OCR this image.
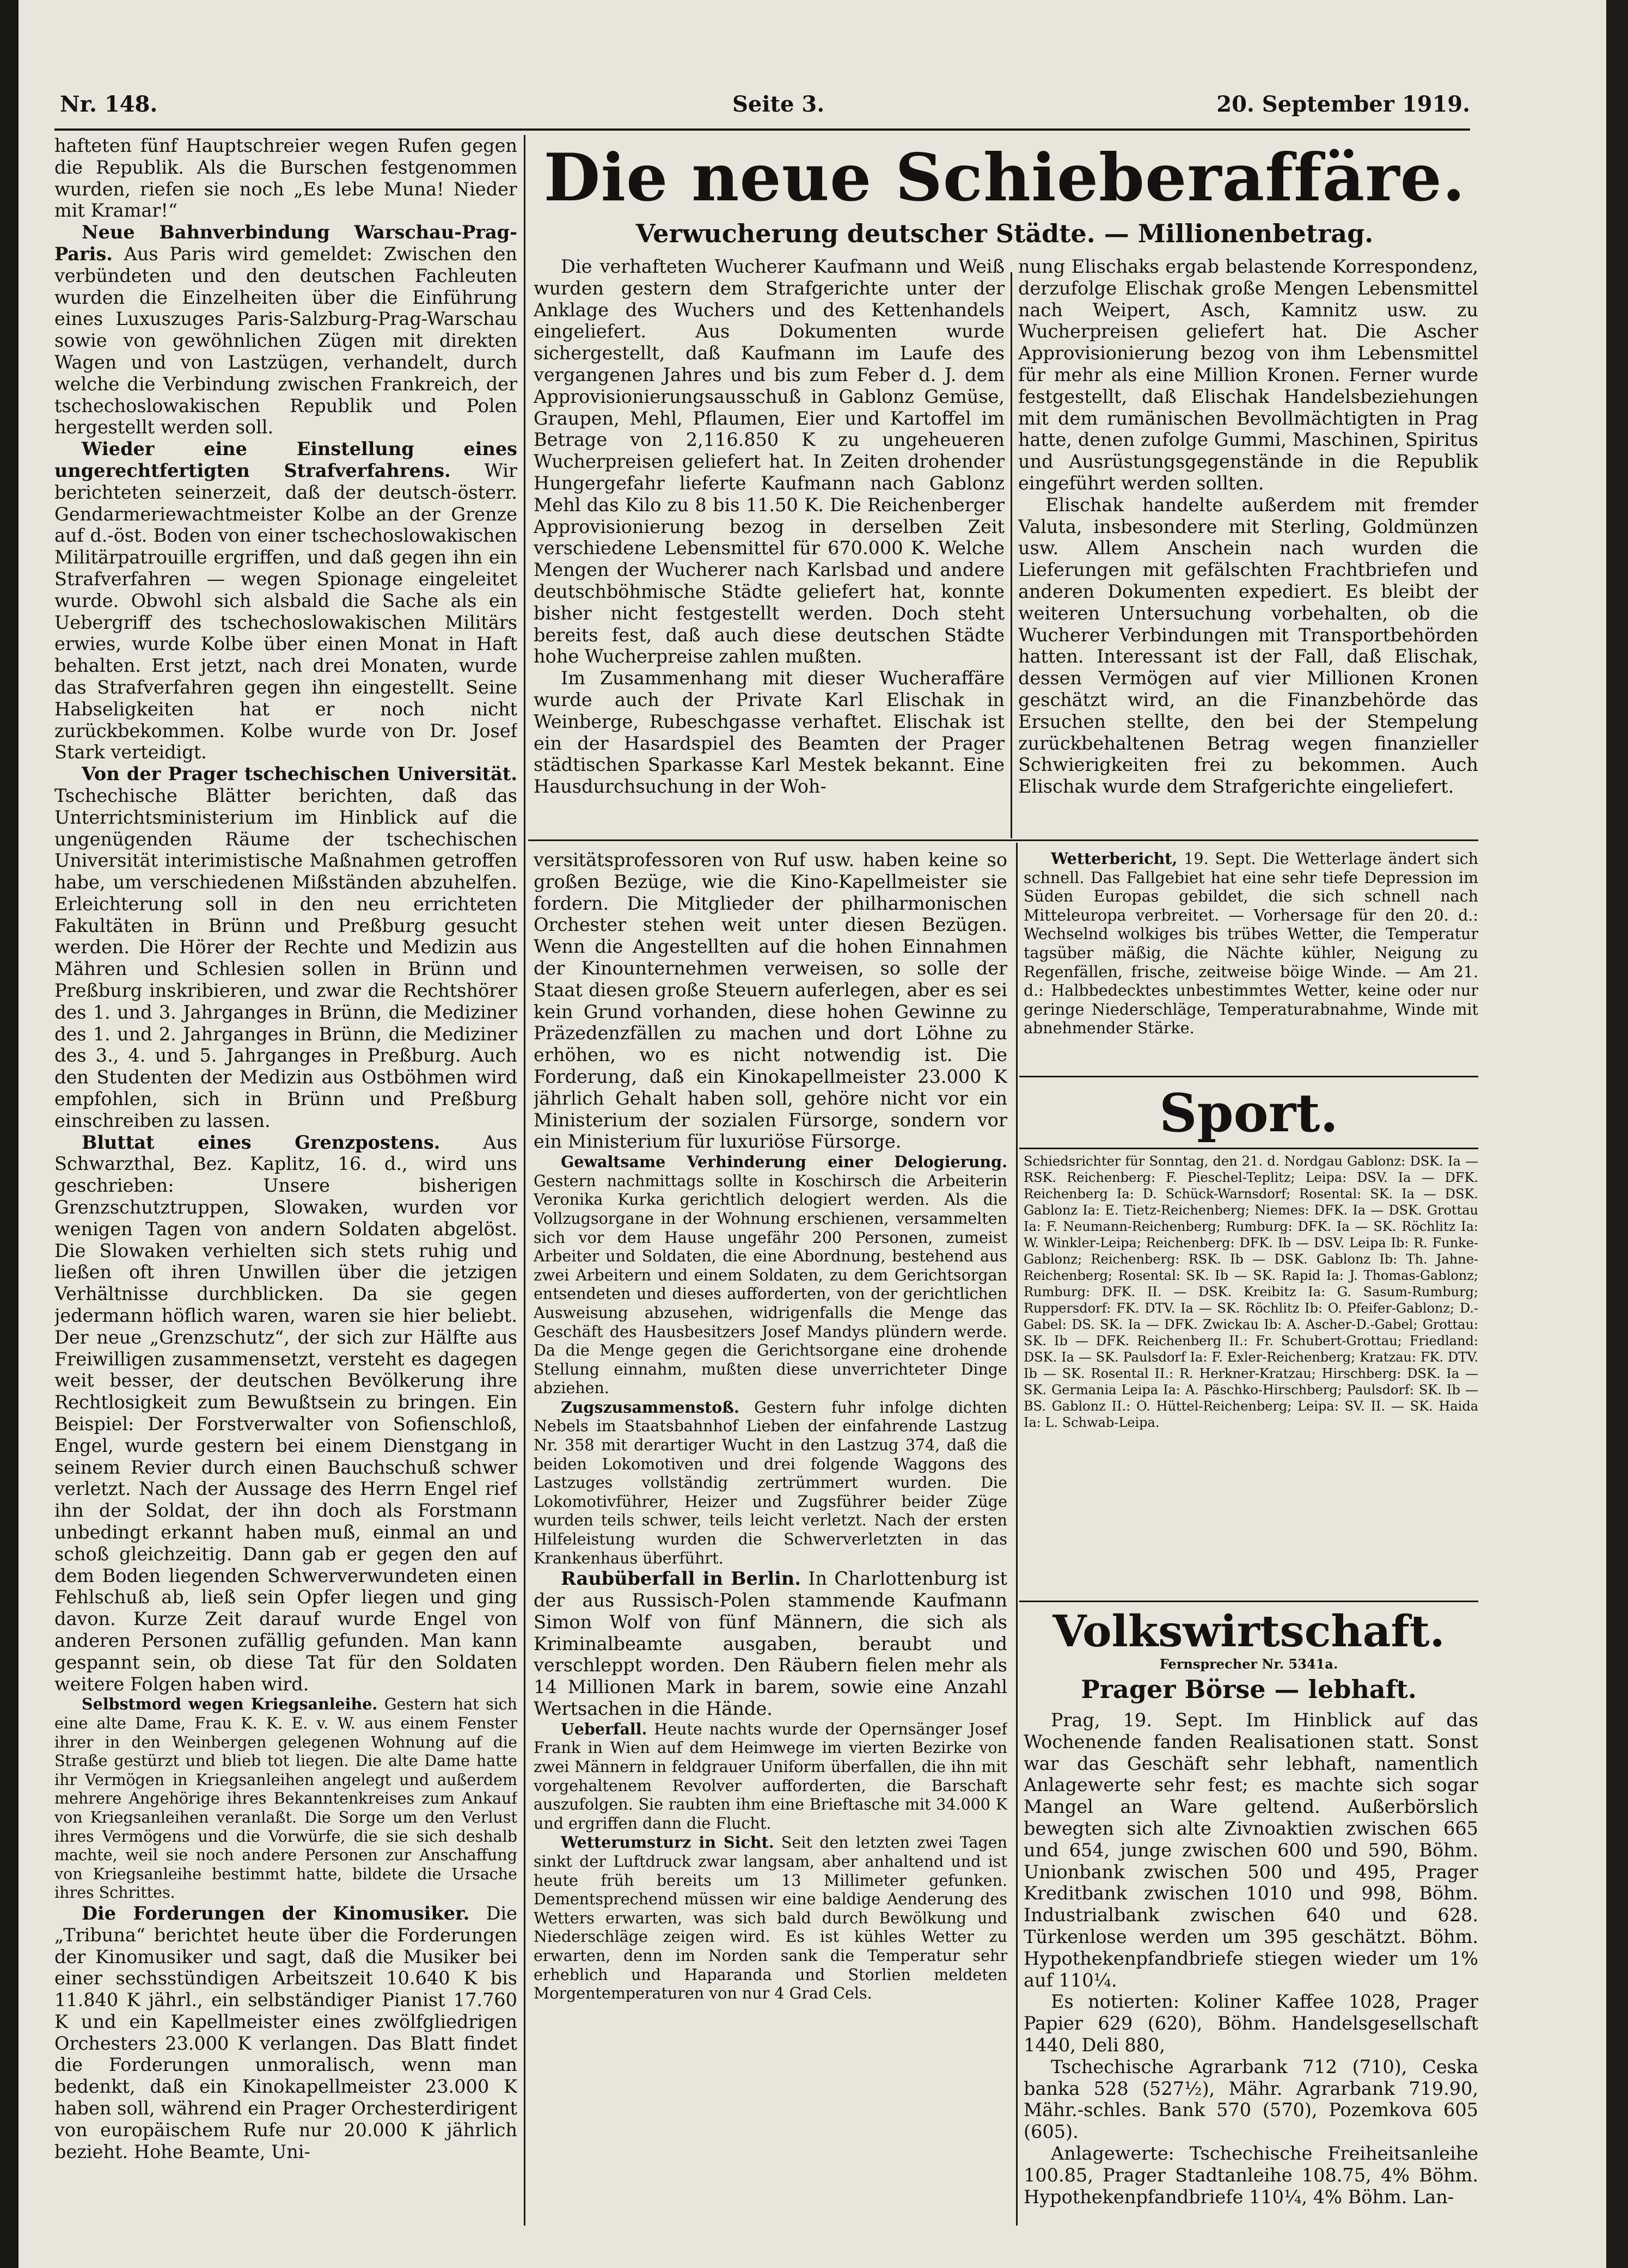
Nr. 148.	Seite 3.	20. September 1919.

hafteten fünf Hauptschreier wegen Rufen gegen die Republik. Als die Burschen festgenommen wurden, riefen sie noch „Es lebe Muna! Nieder mit Kramar!“

Neue Bahnverbindung Warschau-Prag-Paris. Aus Paris wird gemeldet: Zwischen den verbündeten und den deutschen Fachleuten wurden die Einzelheiten über die Einführung eines Luxuszuges Paris-Salzburg-Prag-Warschau sowie von gewöhnlichen Zügen mit direkten Wagen und von Lastzügen, verhandelt, durch welche die Verbindung zwischen Frankreich, der tschechoslowakischen Republik und Polen hergestellt werden soll.

Wieder eine Einstellung eines ungerechtfertigten Strafverfahrens. Wir berichteten seinerzeit, daß der deutsch-österr. Gendarmeriewachtmeister Kolbe an der Grenze auf d.-öst. Boden von einer tschechoslowakischen Militärpatrouille ergriffen, und daß gegen ihn ein Strafverfahren — wegen Spionage eingeleitet wurde. Obwohl sich alsbald die Sache als ein Uebergriff des tschechoslowakischen Militärs erwies, wurde Kolbe über einen Monat in Haft behalten. Erst jetzt, nach drei Monaten, wurde das Strafverfahren gegen ihn eingestellt. Seine Habseligkeiten hat er noch nicht zurückbekommen. Kolbe wurde von Dr. Josef Stark verteidigt.

Von der Prager tschechischen Universität. Tschechische Blätter berichten, daß das Unterrichtsministerium im Hinblick auf die ungenügenden Räume der tschechischen Universität interimistische Maßnahmen getroffen habe, um verschiedenen Mißständen abzuhelfen. Erleichterung soll in den neu errichteten Fakultäten in Brünn und Preßburg gesucht werden. Die Hörer der Rechte und Medizin aus Mähren und Schlesien sollen in Brünn und Preßburg inskribieren, und zwar die Rechtshörer des 1. und 3. Jahrganges in Brünn, die Mediziner des 1. und 2. Jahrganges in Brünn, die Mediziner des 3., 4. und 5. Jahrganges in Preßburg. Auch den Studenten der Medizin aus Ostböhmen wird empfohlen, sich in Brünn und Preßburg einschreiben zu lassen.

Bluttat eines Grenzpostens. Aus Schwarzthal, Bez. Kaplitz, 16. d., wird uns geschrieben: Unsere bisherigen Grenzschutztruppen, Slowaken, wurden vor wenigen Tagen von andern Soldaten abgelöst. Die Slowaken verhielten sich stets ruhig und ließen oft ihren Unwillen über die jetzigen Verhältnisse durchblicken. Da sie gegen jedermann höflich waren, waren sie hier beliebt. Der neue „Grenzschutz“, der sich zur Hälfte aus Freiwilligen zusammensetzt, versteht es dagegen weit besser, der deutschen Bevölkerung ihre Rechtlosigkeit zum Bewußtsein zu bringen. Ein Beispiel: Der Forstverwalter von Sofienschloß, Engel, wurde gestern bei einem Dienstgang in seinem Revier durch einen Bauchschuß schwer verletzt. Nach der Aussage des Herrn Engel rief ihn der Soldat, der ihn doch als Forstmann unbedingt erkannt haben muß, einmal an und schoß gleichzeitig. Dann gab er gegen den auf dem Boden liegenden Schwerverwundeten einen Fehlschuß ab, ließ sein Opfer liegen und ging davon. Kurze Zeit darauf wurde Engel von anderen Personen zufällig gefunden. Man kann gespannt sein, ob diese Tat für den Soldaten weitere Folgen haben wird.

Selbstmord wegen Kriegsanleihe. Gestern hat sich eine alte Dame, Frau K. K. E. v. W. aus einem Fenster ihrer in den Weinbergen gelegenen Wohnung auf die Straße gestürzt und blieb tot liegen. Die alte Dame hatte ihr Vermögen in Kriegsanleihen angelegt und außerdem mehrere Angehörige ihres Bekanntenkreises zum Ankauf von Kriegsanleihen veranlaßt. Die Sorge um den Verlust ihres Vermögens und die Vorwürfe, die sie sich deshalb machte, weil sie noch andere Personen zur Anschaffung von Kriegsanleihe bestimmt hatte, bildete die Ursache ihres Schrittes.

Die Forderungen der Kinomusiker. Die „Tribuna“ berichtet heute über die Forderungen der Kinomusiker und sagt, daß die Musiker bei einer sechsstündigen Arbeitszeit 10.640 K bis 11.840 K jährl., ein selbständiger Pianist 17.760 K und ein Kapellmeister eines zwölfgliedrigen Orchesters 23.000 K verlangen. Das Blatt findet die Forderungen unmoralisch, wenn man bedenkt, daß ein Kinokapellmeister 23.000 K haben soll, während ein Prager Orchesterdirigent von europäischem Rufe nur 20.000 K jährlich bezieht. Hohe Beamte, Uni-

Die neue Schieberaffäre.
Verwucherung deutscher Städte. — Millionenbetrag.

Die verhafteten Wucherer Kaufmann und Weiß wurden gestern dem Strafgerichte unter der Anklage des Wuchers und des Kettenhandels eingeliefert. Aus Dokumenten wurde sichergestellt, daß Kaufmann im Laufe des vergangenen Jahres und bis zum Feber d. J. dem Approvisionierungsausschuß in Gablonz Gemüse, Graupen, Mehl, Pflaumen, Eier und Kartoffel im Betrage von 2,116.850 K zu ungeheueren Wucherpreisen geliefert hat. In Zeiten drohender Hungergefahr lieferte Kaufmann nach Gablonz Mehl das Kilo zu 8 bis 11.50 K. Die Reichenberger Approvisionierung bezog in derselben Zeit verschiedene Lebensmittel für 670.000 K. Welche Mengen der Wucherer nach Karlsbad und andere deutschböhmische Städte geliefert hat, konnte bisher nicht festgestellt werden. Doch steht bereits fest, daß auch diese deutschen Städte hohe Wucherpreise zahlen mußten.

Im Zusammenhang mit dieser Wucheraffäre wurde auch der Private Karl Elischak in Weinberge, Rubeschgasse verhaftet. Elischak ist ein der Hasardspiel des Beamten der Prager städtischen Sparkasse Karl Mestek bekannt. Eine Hausdurchsuchung in der Woh-

nung Elischaks ergab belastende Korrespondenz, derzufolge Elischak große Mengen Lebensmittel nach Weipert, Asch, Kamnitz usw. zu Wucherpreisen geliefert hat. Die Ascher Approvisionierung bezog von ihm Lebensmittel für mehr als eine Million Kronen. Ferner wurde festgestellt, daß Elischak Handelsbeziehungen mit dem rumänischen Bevollmächtigten in Prag hatte, denen zufolge Gummi, Maschinen, Spiritus und Ausrüstungsgegenstände in die Republik eingeführt werden sollten.

Elischak handelte außerdem mit fremder Valuta, insbesondere mit Sterling, Goldmünzen usw. Allem Anschein nach wurden die Lieferungen mit gefälschten Frachtbriefen und anderen Dokumenten expediert. Es bleibt der weiteren Untersuchung vorbehalten, ob die Wucherer Verbindungen mit Transportbehörden hatten. Interessant ist der Fall, daß Elischak, dessen Vermögen auf vier Millionen Kronen geschätzt wird, an die Finanzbehörde das Ersuchen stellte, den bei der Stempelung zurückbehaltenen Betrag wegen finanzieller Schwierigkeiten frei zu bekommen. Auch Elischak wurde dem Strafgerichte eingeliefert.

versitätsprofessoren von Ruf usw. haben keine so großen Bezüge, wie die Kino-Kapellmeister sie fordern. Die Mitglieder der philharmonischen Orchester stehen weit unter diesen Bezügen. Wenn die Angestellten auf die hohen Einnahmen der Kinounternehmen verweisen, so solle der Staat diesen große Steuern auferlegen, aber es sei kein Grund vorhanden, diese hohen Gewinne zu Präzedenzfällen zu machen und dort Löhne zu erhöhen, wo es nicht notwendig ist. Die Forderung, daß ein Kinokapellmeister 23.000 K jährlich Gehalt haben soll, gehöre nicht vor ein Ministerium der sozialen Fürsorge, sondern vor ein Ministerium für luxuriöse Fürsorge.

Gewaltsame Verhinderung einer Delogierung. Gestern nachmittags sollte in Koschirsch die Arbeiterin Veronika Kurka gerichtlich delogiert werden. Als die Vollzugsorgane in der Wohnung erschienen, versammelten sich vor dem Hause ungefähr 200 Personen, zumeist Arbeiter und Soldaten, die eine Abordnung, bestehend aus zwei Arbeitern und einem Soldaten, zu dem Gerichtsorgan entsendeten und dieses aufforderten, von der gerichtlichen Ausweisung abzusehen, widrigenfalls die Menge das Geschäft des Hausbesitzers Josef Mandys plündern werde. Da die Menge gegen die Gerichtsorgane eine drohende Stellung einnahm, mußten diese unverrichteter Dinge abziehen.

Zugszusammenstoß. Gestern fuhr infolge dichten Nebels im Staatsbahnhof Lieben der einfahrende Lastzug Nr. 358 mit derartiger Wucht in den Lastzug 374, daß die beiden Lokomotiven und drei folgende Waggons des Lastzuges vollständig zertrümmert wurden. Die Lokomotivführer, Heizer und Zugsführer beider Züge wurden teils schwer, teils leicht verletzt. Nach der ersten Hilfeleistung wurden die Schwerverletzten in das Krankenhaus überführt.

Raubüberfall in Berlin. In Charlottenburg ist der aus Russisch-Polen stammende Kaufmann Simon Wolf von fünf Männern, die sich als Kriminalbeamte ausgaben, beraubt und verschleppt worden. Den Räubern fielen mehr als 14 Millionen Mark in barem, sowie eine Anzahl Wertsachen in die Hände.

Ueberfall. Heute nachts wurde der Opernsänger Josef Frank in Wien auf dem Heimwege im vierten Bezirke von zwei Männern in feldgrauer Uniform überfallen, die ihn mit vorgehaltenem Revolver aufforderten, die Barschaft auszufolgen. Sie raubten ihm eine Brieftasche mit 34.000 K und ergriffen dann die Flucht.

Wetterumsturz in Sicht. Seit den letzten zwei Tagen sinkt der Luftdruck zwar langsam, aber anhaltend und ist heute früh bereits um 13 Millimeter gefunken. Dementsprechend müssen wir eine baldige Aenderung des Wetters erwarten, was sich bald durch Bewölkung und Niederschläge zeigen wird. Es ist kühles Wetter zu erwarten, denn im Norden sank die Temperatur sehr erheblich und Haparanda und Storlien meldeten Morgentemperaturen von nur 4 Grad Cels.

Wetterbericht, 19. Sept. Die Wetterlage ändert sich schnell. Das Fallgebiet hat eine sehr tiefe Depression im Süden Europas gebildet, die sich schnell nach Mitteleuropa verbreitet. — Vorhersage für den 20. d.: Wechselnd wolkiges bis trübes Wetter, die Temperatur tagsüber mäßig, die Nächte kühler, Neigung zu Regenfällen, frische, zeitweise böige Winde. — Am 21. d.: Halbbedecktes unbestimmtes Wetter, keine oder nur geringe Niederschläge, Temperaturabnahme, Winde mit abnehmender Stärke.

Sport.

Schiedsrichter für Sonntag, den 21. d. Nordgau Gablonz: DSK. Ia — RSK. Reichenberg: F. Pieschel-Teplitz; Leipa: DSV. Ia — DFK. Reichenberg Ia: D. Schück-Warnsdorf; Rosental: SK. Ia — DSK. Gablonz Ia: E. Tietz-Reichenberg; Niemes: DFK. Ia — DSK. Grottau Ia: F. Neumann-Reichenberg; Rumburg: DFK. Ia — SK. Röchlitz Ia: W. Winkler-Leipa; Reichenberg: DFK. Ib — DSV. Leipa Ib: R. Funke-Gablonz; Reichenberg: RSK. Ib — DSK. Gablonz Ib: Th. Jahne-Reichenberg; Rosental: SK. Ib — SK. Rapid Ia: J. Thomas-Gablonz; Rumburg: DFK. II. — DSK. Kreibitz Ia: G. Sasum-Rumburg; Ruppersdorf: FK. DTV. Ia — SK. Röchlitz Ib: O. Pfeifer-Gablonz; D.-Gabel: DS. SK. Ia — DFK. Zwickau Ib: A. Ascher-D.-Gabel; Grottau: SK. Ib — DFK. Reichenberg II.: Fr. Schubert-Grottau; Friedland: DSK. Ia — SK. Paulsdorf Ia: F. Exler-Reichenberg; Kratzau: FK. DTV. Ib — SK. Rosental II.: R. Herkner-Kratzau; Hirschberg: DSK. Ia — SK. Germania Leipa Ia: A. Päschko-Hirschberg; Paulsdorf: SK. Ib — BS. Gablonz II.: O. Hüttel-Reichenberg; Leipa: SV. II. — SK. Haida Ia: L. Schwab-Leipa.

Volkswirtschaft.
Fernsprecher Nr. 5341a.
Prager Börse — lebhaft.

Prag, 19. Sept. Im Hinblick auf das Wochenende fanden Realisationen statt. Sonst war das Geschäft sehr lebhaft, namentlich Anlagewerte sehr fest; es machte sich sogar Mangel an Ware geltend. Außerbörslich bewegten sich alte Zivnoaktien zwischen 665 und 654, junge zwischen 600 und 590, Böhm. Unionbank zwischen 500 und 495, Prager Kreditbank zwischen 1010 und 998, Böhm. Industrialbank zwischen 640 und 628. Türkenlose werden um 395 geschätzt. Böhm. Hypothekenpfandbriefe stiegen wieder um 1% auf 110¼.

Es notierten: Koliner Kaffee 1028, Prager Papier 629 (620), Böhm. Handelsgesellschaft 1440, Deli 880,

Tschechische Agrarbank 712 (710), Ceska banka 528 (527½), Mähr. Agrarbank 719.90, Mähr.-schles. Bank 570 (570), Pozemkova 605 (605).

Anlagewerte: Tschechische Freiheitsanleihe 100.85, Prager Stadtanleihe 108.75, 4% Böhm. Hypothekenpfandbriefe 110¼, 4% Böhm. Lan-
